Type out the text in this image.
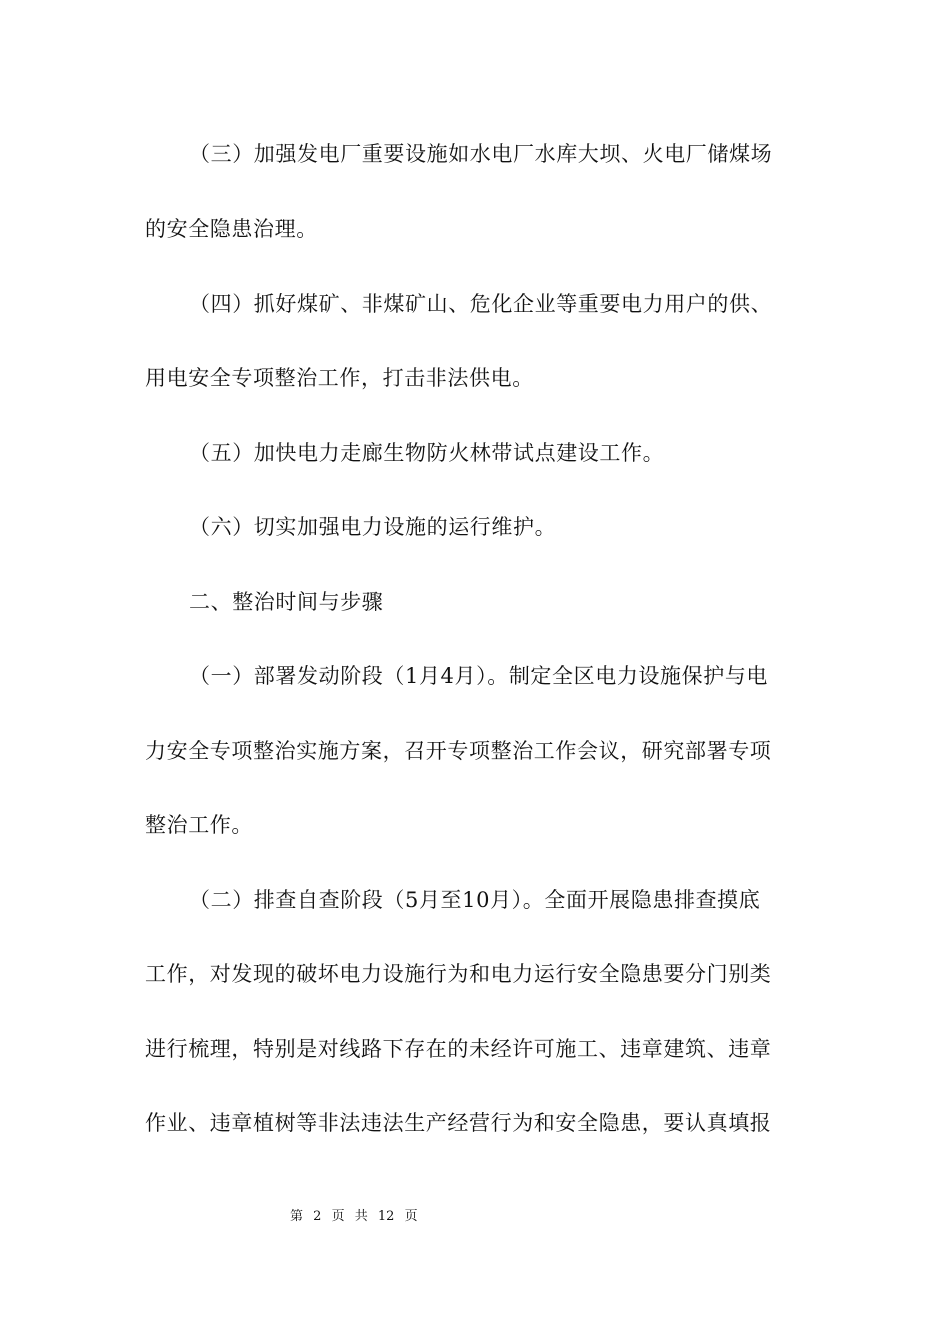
（三）加强发电厂重要设施如水电厂水库大坝、火电厂储煤场
的安全隐患治理。
（四）抓好煤矿、非煤矿山、危化企业等重要电力用户的供、
用电安全专项整治工作，打击非法供电。
（五）加快电力走廊生物防火林带试点建设工作。
（六）切实加强电力设施的运行维护。
二、整治时间与步骤
（一）部署发动阶段（1月4月）。制定全区电力设施保护与电
力安全专项整治实施方案，召开专项整治工作会议，研究部署专项
整治工作。
（二）排查自查阶段（5月至10月）。全面开展隐患排查摸底
工作，对发现的破坏电力设施行为和电力运行安全隐患要分门别类
进行梳理，特别是对线路下存在的未经许可施工、违章建筑、违章
作业、违章植树等非法违法生产经营行为和安全隐患，要认真填报
第 2 页 共 12 页
